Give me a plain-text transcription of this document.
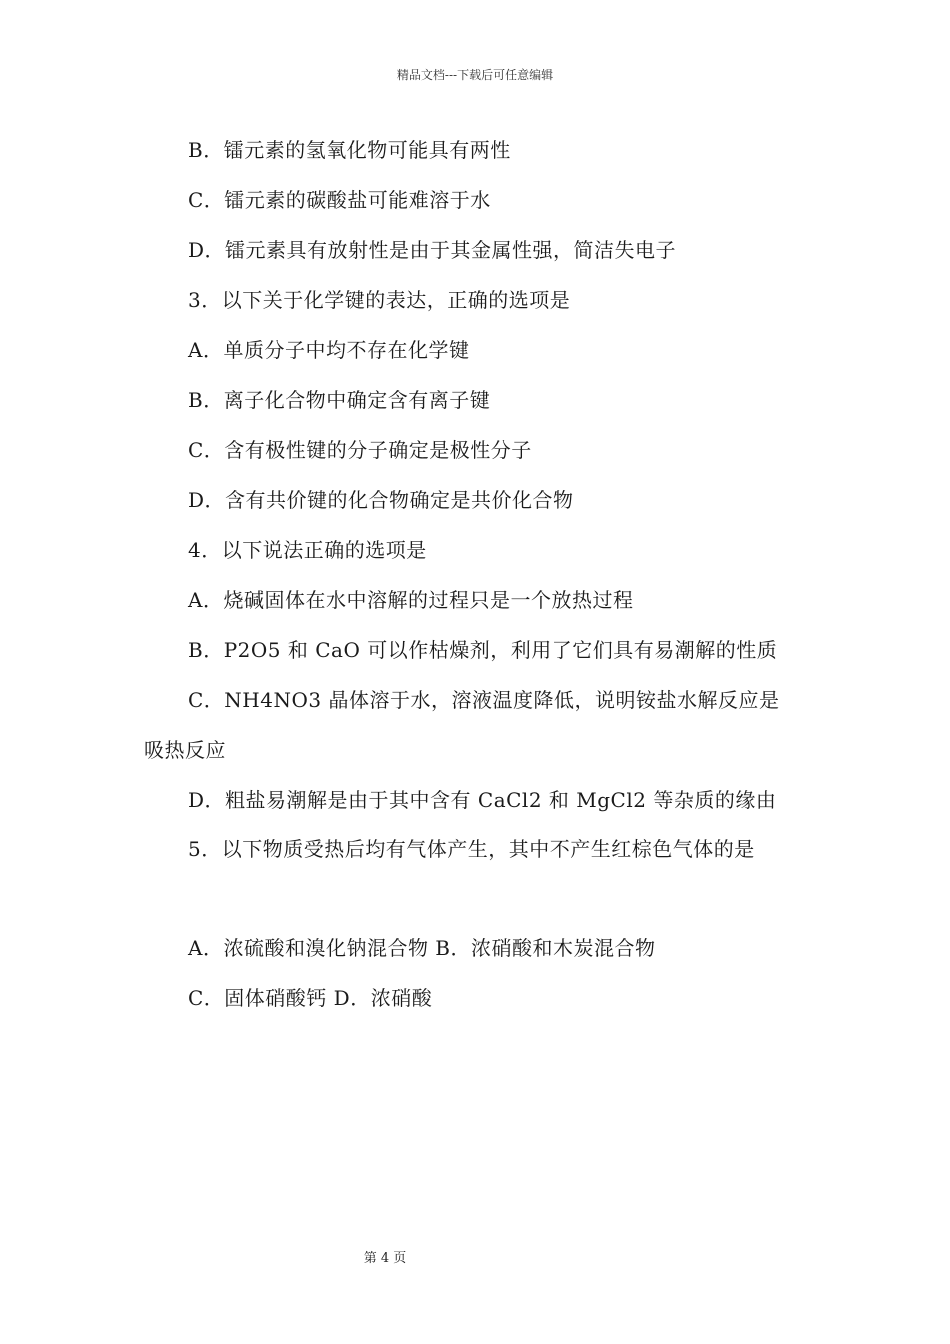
精品文档---下载后可任意编辑
B．镭元素的氢氧化物可能具有两性
C．镭元素的碳酸盐可能难溶于水
D．镭元素具有放射性是由于其金属性强，简洁失电子
3．以下关于化学键的表达，正确的选项是
A．单质分子中均不存在化学键
B．离子化合物中确定含有离子键
C．含有极性键的分子确定是极性分子
D．含有共价键的化合物确定是共价化合物
4．以下说法正确的选项是
A．烧碱固体在水中溶解的过程只是一个放热过程
B．P2O5 和 CaO 可以作枯燥剂，利用了它们具有易潮解的性质
C．NH4NO3 晶体溶于水，溶液温度降低，说明铵盐水解反应是
吸热反应
D．粗盐易潮解是由于其中含有 CaCl2 和 MgCl2 等杂质的缘由
5．以下物质受热后均有气体产生，其中不产生红棕色气体的是
A．浓硫酸和溴化钠混合物 B．浓硝酸和木炭混合物
C．固体硝酸钙 D．浓硝酸
第 4 页
